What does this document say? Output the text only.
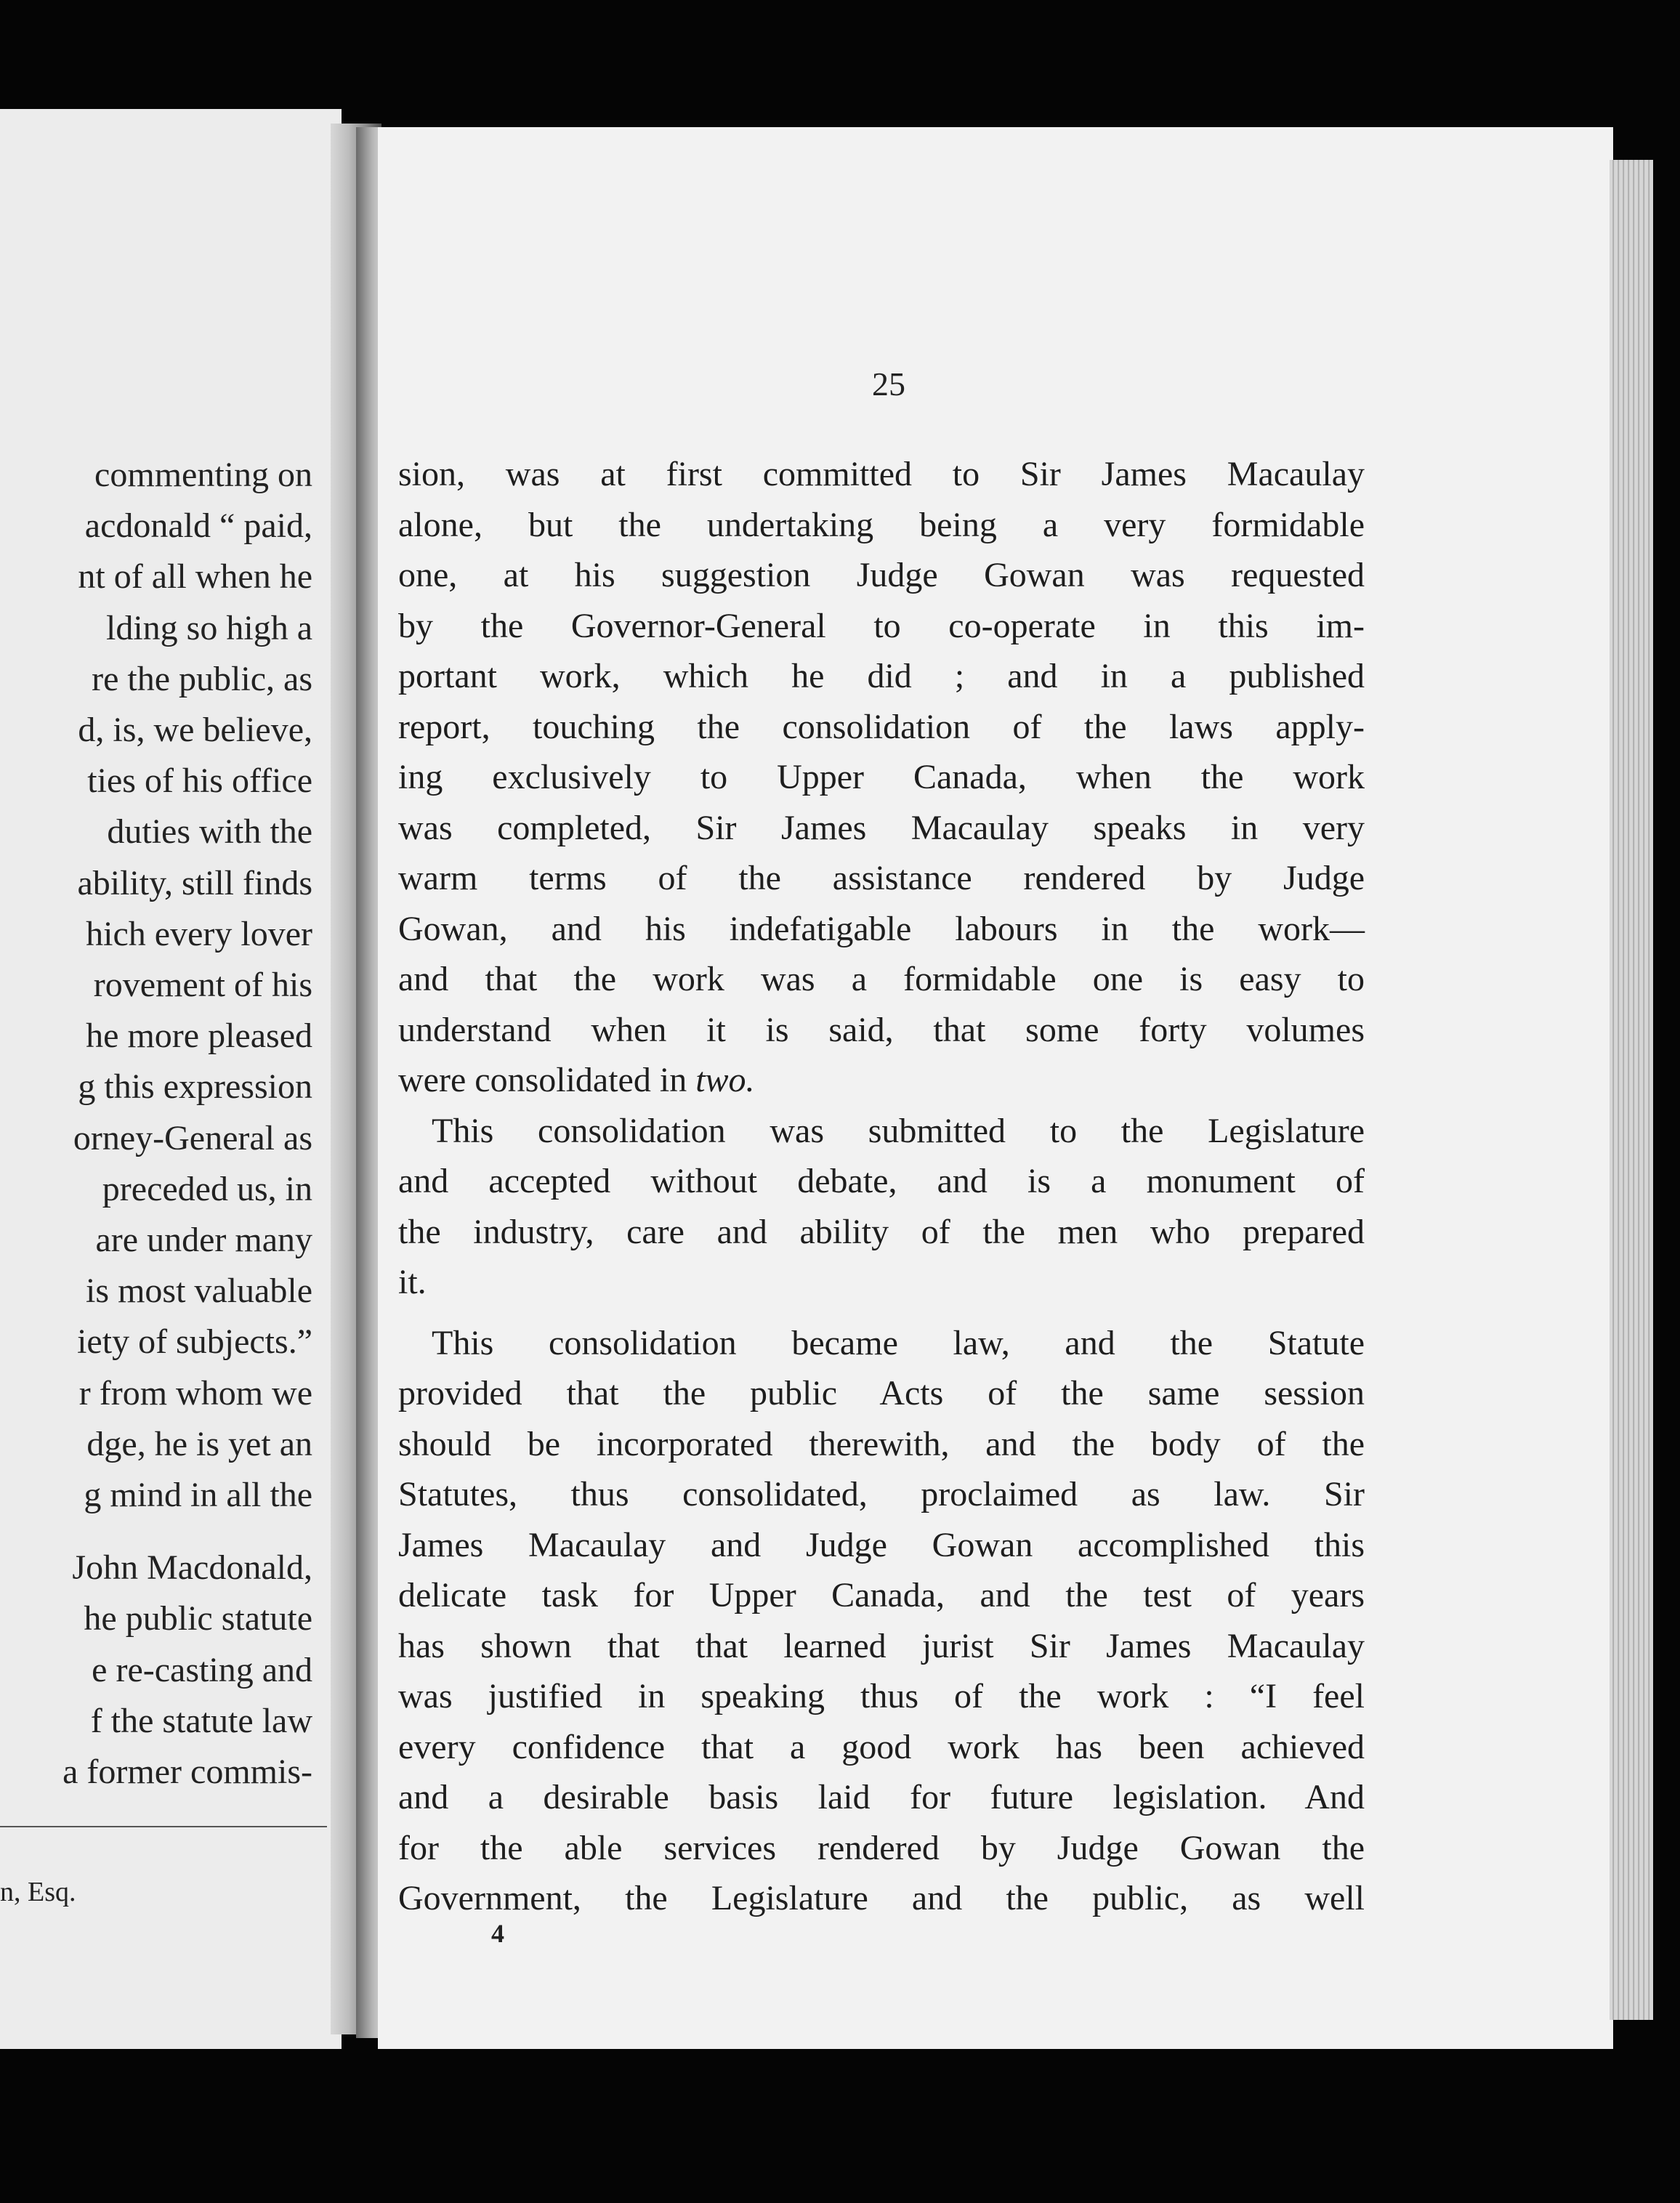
commenting on
acdonald “ paid,
nt of all when he
lding so high a
re the public, as
d, is, we believe,
ties of his office
duties with the
ability, still finds
hich every lover
rovement of his
he more pleased
g this expression
orney-General as
preceded us, in
are under many
is most valuable
iety of subjects.”
r from whom we
dge, he is yet an
g mind in all the
John Macdonald,
he public statute
e re-casting and
f the statute law
a former commis-
n, Esq.
4
25
sion, was at first committed to Sir James Macaulay
alone, but the undertaking being a very formidable
one, at his suggestion Judge Gowan was requested
by the Governor-General to co-operate in this im-
portant work, which he did ; and in a published
report, touching the consolidation of the laws apply-
ing exclusively to Upper Canada, when the work
was completed, Sir James Macaulay speaks in very
warm terms of the assistance rendered by Judge
Gowan, and his indefatigable labours in the work—
and that the work was a formidable one is easy to
understand when it is said, that some forty volumes
were consolidated in two.
This consolidation was submitted to the Legislature
and accepted without debate, and is a monument of
the industry, care and ability of the men who prepared
it.
This consolidation became law, and the Statute
provided that the public Acts of the same session
should be incorporated therewith, and the body of the
Statutes, thus consolidated, proclaimed as law. Sir
James Macaulay and Judge Gowan accomplished this
delicate task for Upper Canada, and the test of years
has shown that that learned jurist Sir James Macaulay
was justified in speaking thus of the work : “I feel
every confidence that a good work has been achieved
and a desirable basis laid for future legislation. And
for the able services rendered by Judge Gowan the
Government, the Legislature and the public, as well
